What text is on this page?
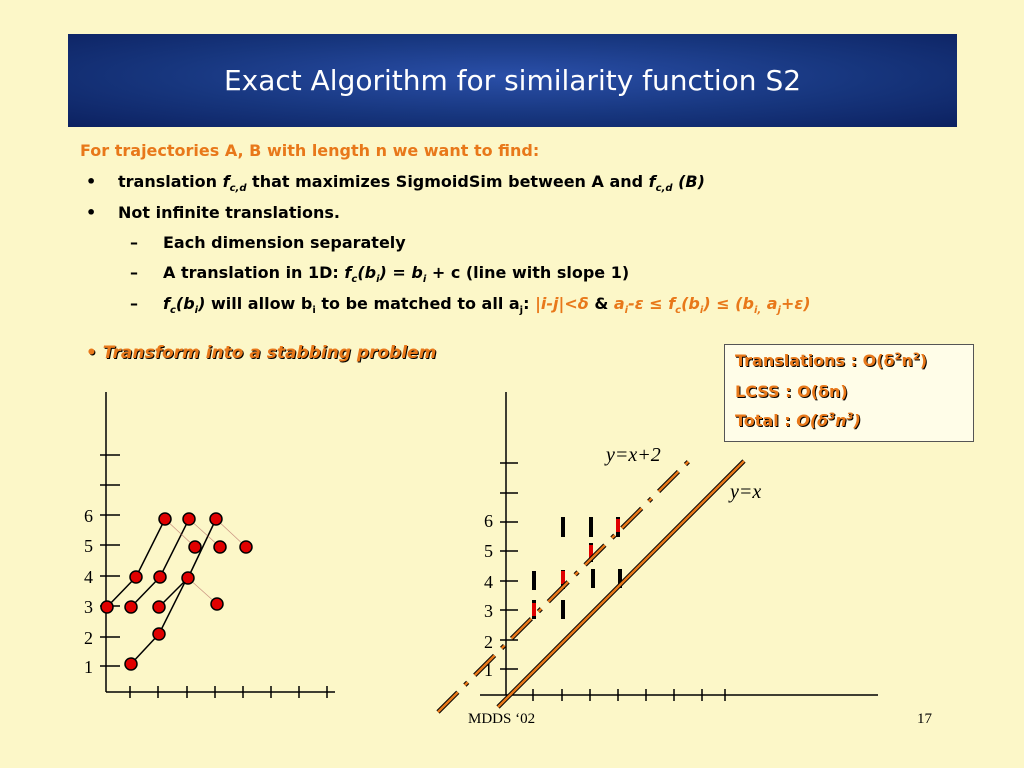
Exact Algorithm for similarity function S2
For trajectories A, B with length n we want to find:
• translation $f_{c,d}$ that maximizes SigmoidSim between A and $f_{c,d}$ (B)
• Not infinite translations.
– Each dimension separately
– A translation in 1D: $f_c(b_i) = b_i + c$ (line with slope 1)
– $f_c(b_i)$ will allow $b_i$ to be matched to all $a_j$: |i-j|<δ & $a_i-\varepsilon \le f_c(b_i) \le (b_{i,}$ $a_j+\varepsilon$)
• Transform into a stabbing problem	Translations : $O(\delta^2n^2)$
LCSS : O(δn)
Total : $O(\delta^3n^3)$
1
2
3
4
5
6
1
2
3
4
5
6
y=x+2
y=x
MDDS ‘02	17
